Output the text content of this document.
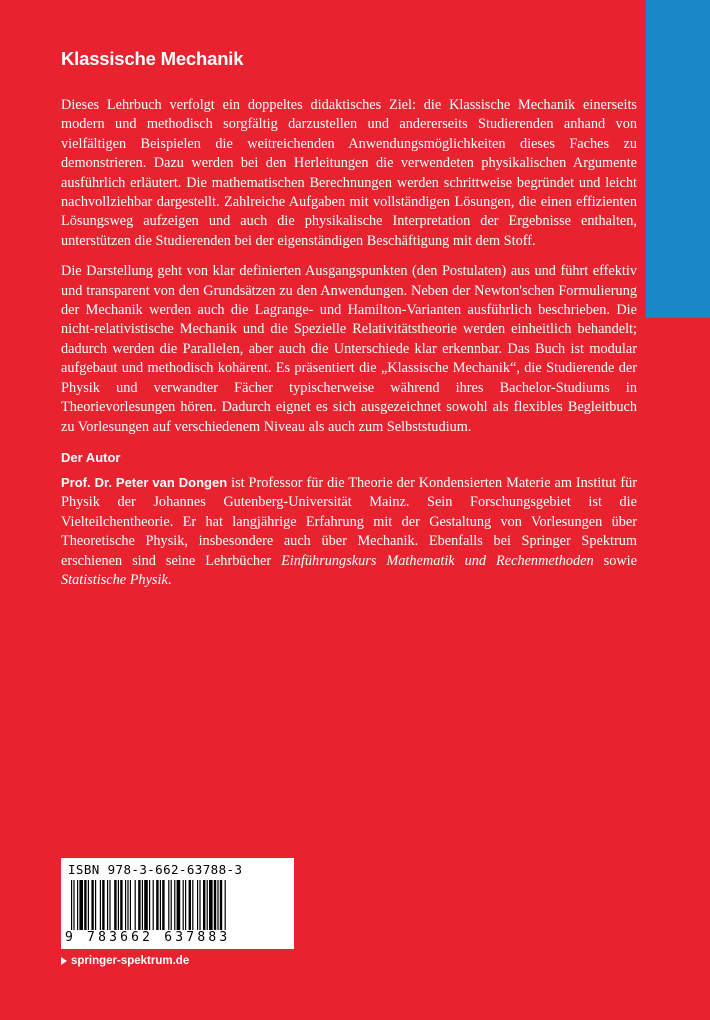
Klassische Mechanik

Dieses Lehrbuch verfolgt ein doppeltes didaktisches Ziel: die Klassische Mechanik einerseits modern und methodisch sorgfältig darzustellen und andererseits Studierenden anhand von vielfältigen Beispielen die weitreichenden Anwendungsmöglichkeiten dieses Faches zu demonstrieren. Dazu werden bei den Herleitungen die verwendeten physikalischen Argumente ausführlich erläutert. Die mathematischen Berechnungen werden schrittweise begründet und leicht nachvollziehbar dargestellt. Zahlreiche Aufgaben mit vollständigen Lösungen, die einen effizienten Lösungsweg aufzeigen und auch die physikalische Interpretation der Ergebnisse enthalten, unterstützen die Studierenden bei der eigenständigen Beschäftigung mit dem Stoff.

Die Darstellung geht von klar definierten Ausgangspunkten (den Postulaten) aus und führt effektiv und transparent von den Grundsätzen zu den Anwendungen. Neben der Newton'schen Formulierung der Mechanik werden auch die Lagrange- und Hamilton-Varianten ausführlich beschrieben. Die nicht-relativistische Mechanik und die Spezielle Relativitätstheorie werden einheitlich behandelt; dadurch werden die Parallelen, aber auch die Unterschiede klar erkennbar. Das Buch ist modular aufgebaut und methodisch kohärent. Es präsentiert die „Klassische Mechanik“, die Studierende der Physik und verwandter Fächer typischerweise während ihres Bachelor-Studiums in Theorievorlesungen hören. Dadurch eignet es sich ausgezeichnet sowohl als flexibles Begleitbuch zu Vorlesungen auf verschiedenem Niveau als auch zum Selbststudium.

Der Autor

Prof. Dr. Peter van Dongen ist Professor für die Theorie der Kondensierten Materie am Institut für Physik der Johannes Gutenberg-Universität Mainz. Sein Forschungsgebiet ist die Vielteilchentheorie. Er hat langjährige Erfahrung mit der Gestaltung von Vorlesungen über Theoretische Physik, insbesondere auch über Mechanik. Ebenfalls bei Springer Spektrum erschienen sind seine Lehrbücher Einführungskurs Mathematik und Rechenmethoden sowie Statistische Physik.

ISBN 978-3-662-63788-3
9 783662 637883
springer-spektrum.de
